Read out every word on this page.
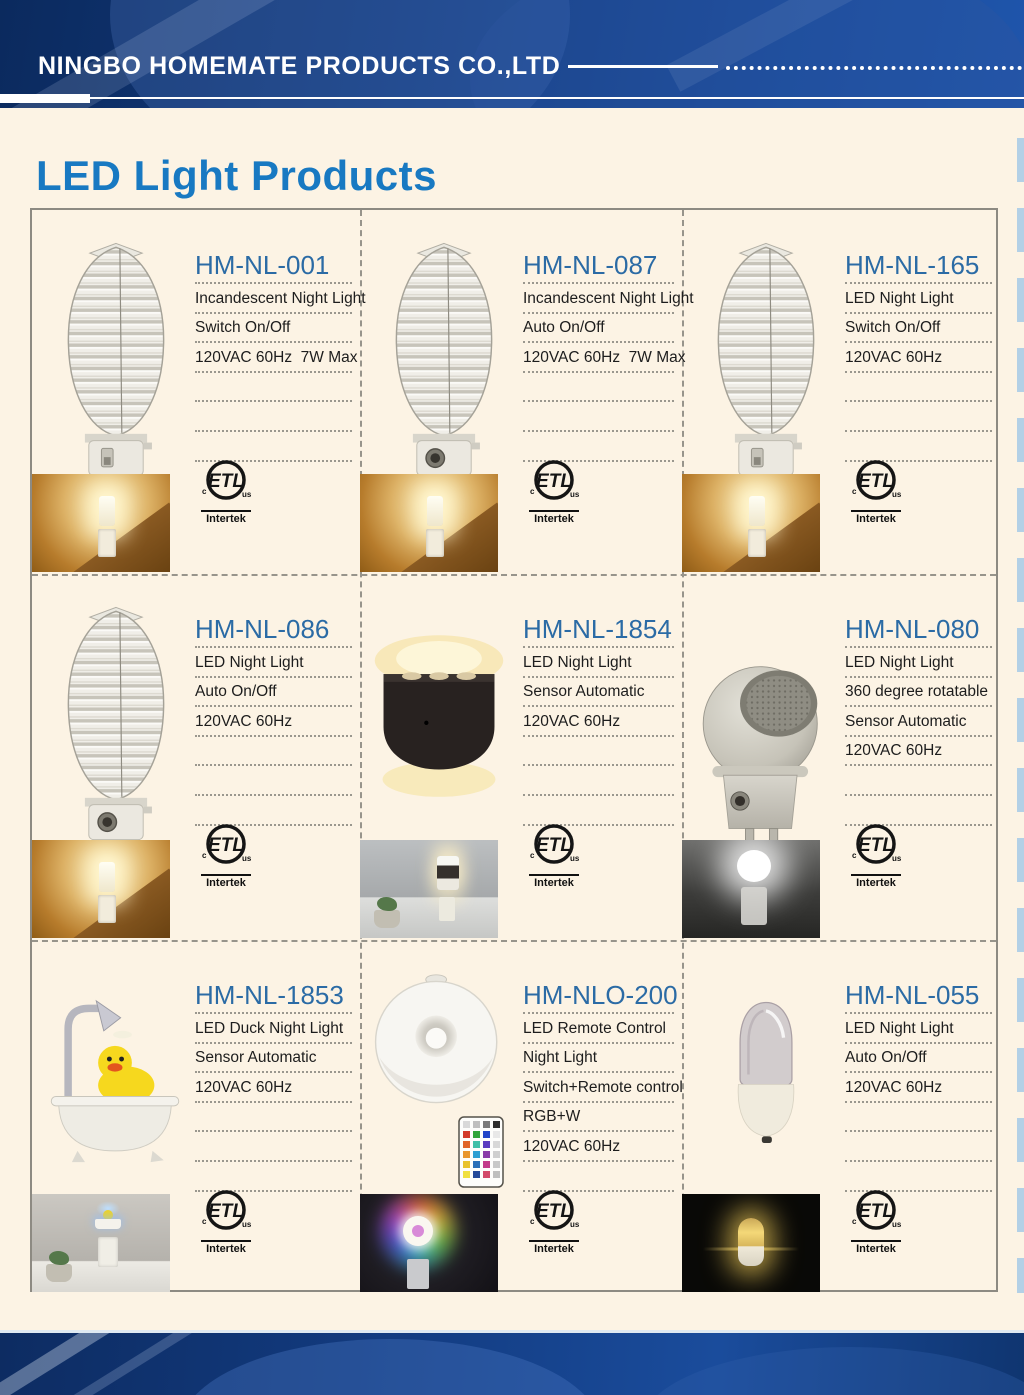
NINGBO HOMEMATE PRODUCTS CO.,LTD
LED Light Products
HM-NL-001
Incandescent Night Light
Switch On/Off
120VAC 60Hz  7W Max
ETL
c	us
Intertek
HM-NL-087
Incandescent Night Light
Auto On/Off
120VAC 60Hz  7W Max
ETL
c	us
Intertek
HM-NL-165
LED Night Light
Switch On/Off
120VAC 60Hz
ETL
c	us
Intertek
HM-NL-086
LED Night Light
Auto On/Off
120VAC 60Hz
ETL
c	us
Intertek
HM-NL-1854
LED Night Light
Sensor Automatic
120VAC 60Hz
ETL
c	us
Intertek
HM-NL-080
LED Night Light
360 degree rotatable
Sensor Automatic
120VAC 60Hz
ETL
c	us
Intertek
HM-NL-1853
LED Duck Night Light
Sensor Automatic
120VAC 60Hz
ETL
c	us
Intertek
HM-NLO-200
LED Remote Control
Night Light
Switch+Remote control
RGB+W
120VAC 60Hz
ETL
c	us
Intertek
HM-NL-055
LED Night Light
Auto On/Off
120VAC 60Hz
ETL
c	us
Intertek
